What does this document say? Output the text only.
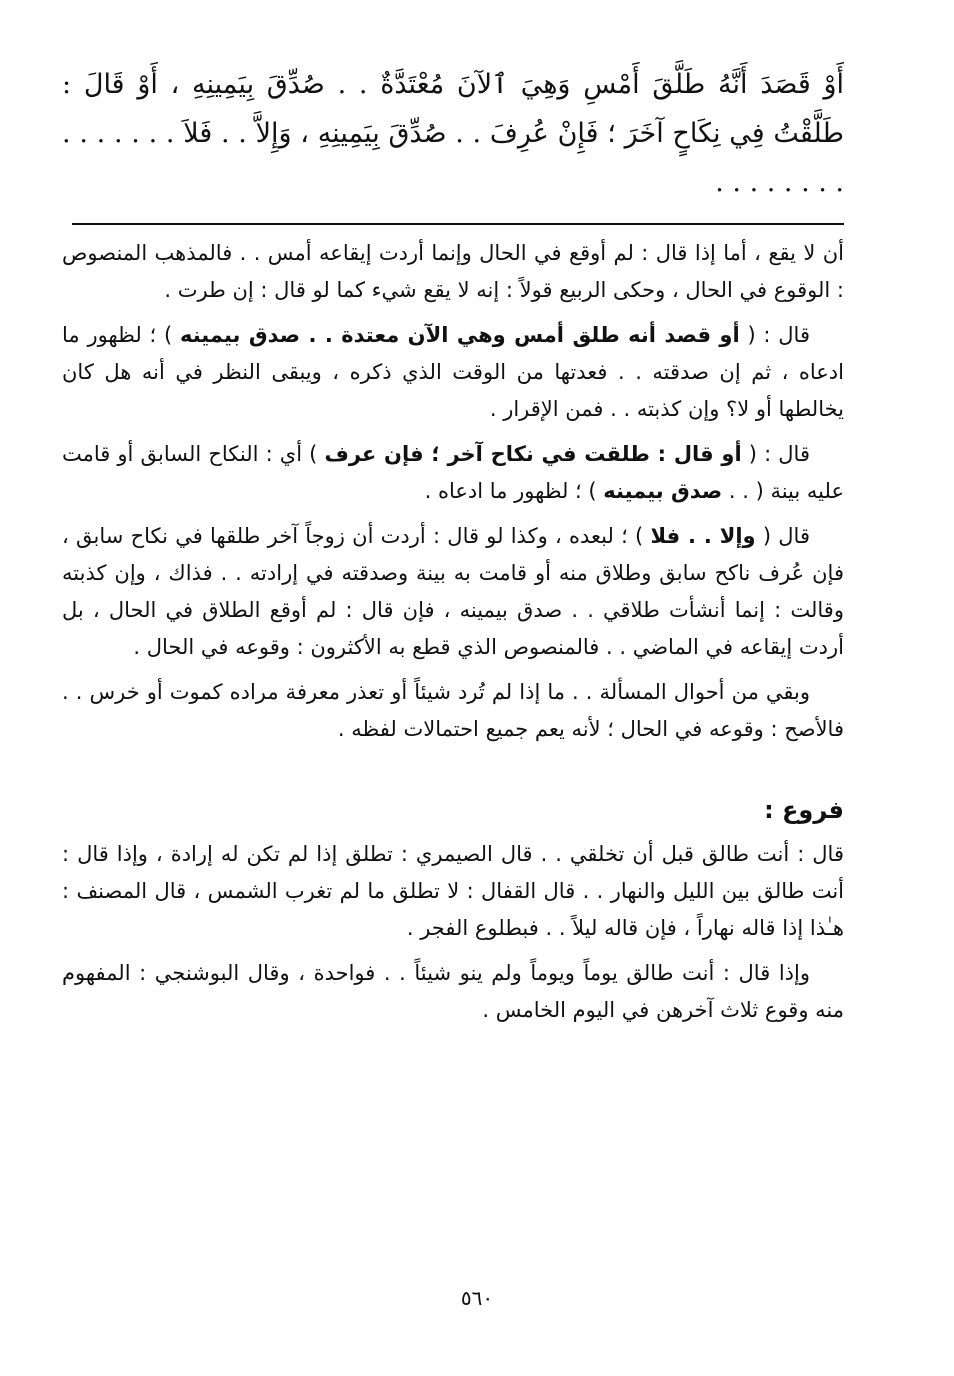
أَوْ قَصَدَ أَنَّهُ طَلَّقَ أَمْسِ وَهِيَ ٱلآنَ مُعْتَدَّةٌ . . صُدِّقَ بِيَمِينِهِ ، أَوْ قَالَ : طَلَّقْتُ فِي نِكَاحٍ آخَرَ ؛ فَإِنْ عُرِفَ . . صُدِّقَ بِيَمِينِهِ ، وَإِلاَّ . . فَلاَ . . . . . . . . . . . . . . .

أن لا يقع ، أما إذا قال : لم أوقع في الحال وإنما أردت إيقاعه أمس . . فالمذهب المنصوص : الوقوع في الحال ، وحكى الربيع قولاً : إنه لا يقع شيء كما لو قال : إن طرت .

قال : ( أو قصد أنه طلق أمس وهي الآن معتدة . . صدق بيمينه ) ؛ لظهور ما ادعاه ، ثم إن صدقته . . فعدتها من الوقت الذي ذكره ، ويبقى النظر في أنه هل كان يخالطها أو لا؟ وإن كذبته . . فمن الإقرار .

قال : ( أو قال : طلقت في نكاح آخر ؛ فإن عرف ) أي : النكاح السابق أو قامت عليه بينة ( . . صدق بيمينه ) ؛ لظهور ما ادعاه .

قال ( وإلا . . فلا ) ؛ لبعده ، وكذا لو قال : أردت أن زوجاً آخر طلقها في نكاح سابق ، فإن عُرف ناكح سابق وطلاق منه أو قامت به بينة وصدقته في إرادته . . فذاك ، وإن كذبته وقالت : إنما أنشأت طلاقي . . صدق بيمينه ، فإن قال : لم أوقع الطلاق في الحال ، بل أردت إيقاعه في الماضي . . فالمنصوص الذي قطع به الأكثرون : وقوعه في الحال .

وبقي من أحوال المسألة . . ما إذا لم تُرد شيئاً أو تعذر معرفة مراده كموت أو خرس . . فالأصح : وقوعه في الحال ؛ لأنه يعم جميع احتمالات لفظه .

فروع :

قال : أنت طالق قبل أن تخلقي . . قال الصيمري : تطلق إذا لم تكن له إرادة ، وإذا قال : أنت طالق بين الليل والنهار . . قال القفال : لا تطلق ما لم تغرب الشمس ، قال المصنف : هـٰذا إذا قاله نهاراً ، فإن قاله ليلاً . . فبطلوع الفجر .

وإذا قال : أنت طالق يوماً ويوماً ولم ينو شيئاً . . فواحدة ، وقال البوشنجي : المفهوم منه وقوع ثلاث آخرهن في اليوم الخامس .

٥٦٠
